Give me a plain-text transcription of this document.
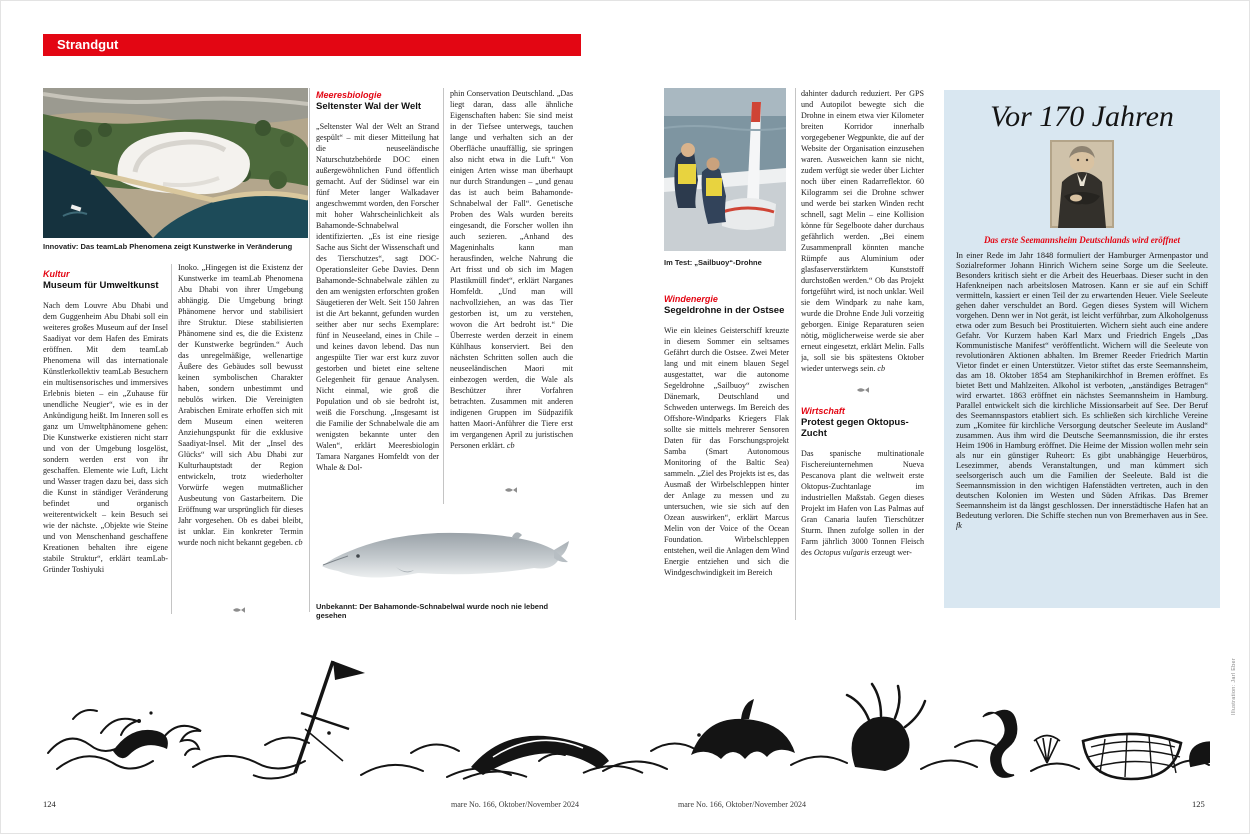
Strandgut
Innovativ: Das teamLab Phenomena zeigt Kunstwerke in Veränderung
Kultur
Museum für Umweltkunst
Nach dem Louvre Abu Dhabi und dem Guggenheim Abu Dhabi soll ein weiteres großes Museum auf der Insel Saadiyat vor dem Hafen des Emirats eröffnen. Mit dem teamLab Phenomena will das internationale Künstlerkollektiv teamLab Besuchern ein multisensorisches und immersives Erlebnis bieten – ein „Zuhause für unendliche Neugier“, wie es in der Ankündigung heißt. Im Inneren soll es ganz um Umweltphänomene gehen: Die Kunstwerke existieren nicht starr und von der Umgebung losgelöst, sondern werden erst von ihr geschaffen. Elemente wie Luft, Licht und Wasser tragen dazu bei, dass sich die Kunst in ständiger Veränderung befindet und organisch weiterentwickelt – kein Besuch sei wie der nächste. „Objekte wie Steine und von Menschenhand geschaffene Kreationen behalten ihre eigene stabile Struktur“, erklärt teamLab-Gründer Toshiyuki
Inoko. „Hingegen ist die Existenz der Kunstwerke im teamLab Phenomena Abu Dhabi von ihrer Umgebung abhängig. Die Umgebung bringt Phänomene hervor und stabilisiert ihre Struktur. Diese stabilisierten Phänomene sind es, die die Existenz der Kunstwerke begründen.“ Auch das unregelmäßige, wellenartige Äußere des Gebäudes soll bewusst keinen symbolischen Charakter haben, sondern unbestimmt und nebulös wirken. Die Vereinigten Arabischen Emirate erhoffen sich mit dem Museum einen weiteren Anziehungspunkt für die exklusive Saadiyat-Insel. Mit der „Insel des Glücks“ will sich Abu Dhabi zur Kulturhauptstadt der Region entwickeln, trotz wiederholter Vorwürfe wegen mutmaßlicher Ausbeutung von Gastarbeitern. Die Eröffnung war ursprünglich für dieses Jahr vorgesehen. Ob es dabei bleibt, ist unklar. Ein konkreter Termin wurde noch nicht bekannt gegeben. cb
Meeresbiologie
Seltenster Wal der Welt
„Seltenster Wal der Welt an Strand gespült“ – mit dieser Mitteilung hat die neuseeländische Naturschutzbehörde DOC einen außergewöhnlichen Fund öffentlich gemacht. Auf der Südinsel war ein fünf Meter langer Walkadaver angeschwemmt worden, den Forscher mit hoher Wahrscheinlichkeit als Bahamonde-Schnabelwal identifizierten. „Es ist eine riesige Sache aus Sicht der Wissenschaft und des Tierschutzes“, sagt DOC-Operationsleiter Gebe Davies. Denn Bahamonde-Schnabelwale zählen zu den am wenigsten erforschten großen Säugetieren der Welt. Seit 150 Jahren ist die Art bekannt, gefunden wurden seither aber nur sechs Exemplare: fünf in Neuseeland, eines in Chile – und keines davon lebend. Das nun angespülte Tier war erst kurz zuvor gestorben und bietet eine seltene Gelegenheit für genaue Analysen. Nicht einmal, wie groß die Population und ob sie bedroht ist, weiß die Forschung. „Insgesamt ist die Familie der Schnabelwale die am wenigsten bekannte unter den Walen“, erklärt Meeresbiologin Tamara Narganes Homfeldt von der Whale & Dol-
phin Conservation Deutschland. „Das liegt daran, dass alle ähnliche Eigenschaften haben: Sie sind meist in der Tiefsee unterwegs, tauchen lange und verhalten sich an der Oberfläche unauffällig, sie springen also nicht etwa in die Luft.“ Von einigen Arten wisse man überhaupt nur durch Strandungen – „und genau das ist auch beim Bahamonde-Schnabelwal der Fall“. Genetische Proben des Wals wurden bereits eingesandt, die Forscher wollen ihn auch sezieren. „Anhand des Mageninhalts kann man herausfinden, welche Nahrung die Art frisst und ob sich im Magen Plastikmüll findet“, erklärt Narganes Homfeldt. „Und man will nachvollziehen, an was das Tier gestorben ist, um zu verstehen, wovon die Art bedroht ist.“ Die Überreste werden derzeit in einem Kühlhaus konserviert. Bei den nächsten Schritten sollen auch die neuseeländischen Maori mit einbezogen werden, die Wale als Beschützer ihrer Vorfahren betrachten. Zusammen mit anderen indigenen Gruppen im Südpazifik hatten Maori-Anführer die Tiere erst im vergangenen April zu juristischen Personen erklärt. cb
Unbekannt: Der Bahamonde-Schnabelwal wurde noch nie lebend gesehen
Im Test: „Sailbuoy“-Drohne
Windenergie
Segeldrohne in der Ostsee
Wie ein kleines Geisterschiff kreuzte in diesem Sommer ein seltsames Gefährt durch die Ostsee. Zwei Meter lang und mit einem blauen Segel ausgestattet, war die autonome Segeldrohne „Sailbuoy“ zwischen Dänemark, Deutschland und Schweden unterwegs. Im Bereich des Offshore-Windparks Kriegers Flak sollte sie mittels mehrerer Sensoren Daten für das Forschungsprojekt Samba (Smart Autonomous Monitoring of the Baltic Sea) sammeln. „Ziel des Projekts ist es, das Ausmaß der Wirbelschleppen hinter der Anlage zu messen und zu untersuchen, wie sie sich auf den Ozean auswirken“, erklärt Marcus Melin von der Voice of the Ocean Foundation. Wirbelschleppen entstehen, weil die Anlagen dem Wind Energie entziehen und sich die Windgeschwindigkeit im Bereich
dahinter dadurch reduziert. Per GPS und Autopilot bewegte sich die Drohne in einem etwa vier Kilometer breiten Korridor innerhalb vorgegebener Wegpunkte, die auf der Website der Organisation einzusehen waren. Ausweichen kann sie nicht, zudem verfügt sie weder über Lichter noch über einen Radarreflektor. 60 Kilogramm sei die Drohne schwer und werde bei starken Winden recht schnell, sagt Melin – eine Kollision könne für Segelboote daher durchaus gefährlich werden. „Bei einem Zusammenprall könnten manche Rümpfe aus Aluminium oder glasfaserverstärktem Kunststoff durchstoßen werden.“ Ob das Projekt fortgeführt wird, ist noch unklar. Weil sie dem Windpark zu nahe kam, wurde die Drohne Ende Juli vorzeitig geborgen. Einige Reparaturen seien nötig, möglicherweise werde sie aber erneut eingesetzt, erklärt Melin. Falls ja, soll sie bis spätestens Oktober wieder unterwegs sein. cb
Wirtschaft
Protest gegen Oktopus-Zucht
Das spanische multinationale Fischereiunternehmen Nueva Pescanova plant die weltweit erste Oktopus-Zuchtanlage im industriellen Maßstab. Gegen dieses Projekt im Hafen von Las Palmas auf Gran Canaria laufen Tierschützer Sturm. Ihnen zufolge sollen in der Farm jährlich 3000 Tonnen Fleisch des Octopus vulgaris erzeugt wer-
Vor 170 Jahren
Das erste Seemannsheim Deutschlands wird eröffnet
In einer Rede im Jahr 1848 formuliert der Hamburger Armenpastor und Sozialreformer Johann Hinrich Wichern seine Sorge um die Seeleute. Besonders kritisch sieht er die Arbeit des Heuerbaas. Dieser sucht in den Hafenkneipen nach arbeitslosen Matrosen. Kann er sie auf ein Schiff vermitteln, kassiert er einen Teil der zu erwartenden Heuer. Viele Seeleute gehen daher verschuldet an Bord. Gegen dieses System will Wichern vorgehen. Denn wer in Not gerät, ist leicht verführbar, zum Alkoholgenuss etwa oder zum Besuch bei Prostituierten. Wichern sieht auch eine andere Gefahr. Vor Kurzem haben Karl Marx und Friedrich Engels „Das Kommunistische Manifest“ veröffentlicht. Wichern will die Seeleute von revolutionären Aktionen abhalten. Im Bremer Reeder Friedrich Martin Vietor findet er einen Unterstützer. Vietor stiftet das erste Seemannsheim, das am 18. Oktober 1854 am Stephanikirchhof in Bremen eröffnet. Es bietet Bett und Mahlzeiten. Alkohol ist verboten, „anständiges Betragen“ wird erwartet. 1863 eröffnet ein nächstes Seemannsheim in Hamburg. Parallel entwickelt sich die kirchliche Missionsarbeit auf See. Der Beruf des Seemannspastors etabliert sich. Es schließen sich kirchliche Vereine zum „Komitee für kirchliche Versorgung deutscher Seeleute im Ausland“ zusammen. Aus ihm wird die Deutsche Seemannsmission, die ihr erstes Heim 1906 in Hamburg eröffnet. Die Heime der Mission wollen mehr sein als nur ein günstiger Ruheort: Es gibt unabhängige Heuerbüros, Lesezimmer, abends Veranstaltungen, und man kümmert sich seelsorgerisch auch um die Familien der Seeleute. Bald ist die Seemannsmission in den wichtigen Hafenstädten vertreten, auch in den deutschen Kolonien im Westen und Süden Afrikas. Das Bremer Seemannsheim ist da längst geschlossen. Der innerstädtische Hafen hat an Bedeutung verloren. Die Schiffe stechen nun von Bremerhaven aus in See. fk
124	mare No. 166, Oktober/November 2024	mare No. 166, Oktober/November 2024	125
Illustration: Jarl Eber
